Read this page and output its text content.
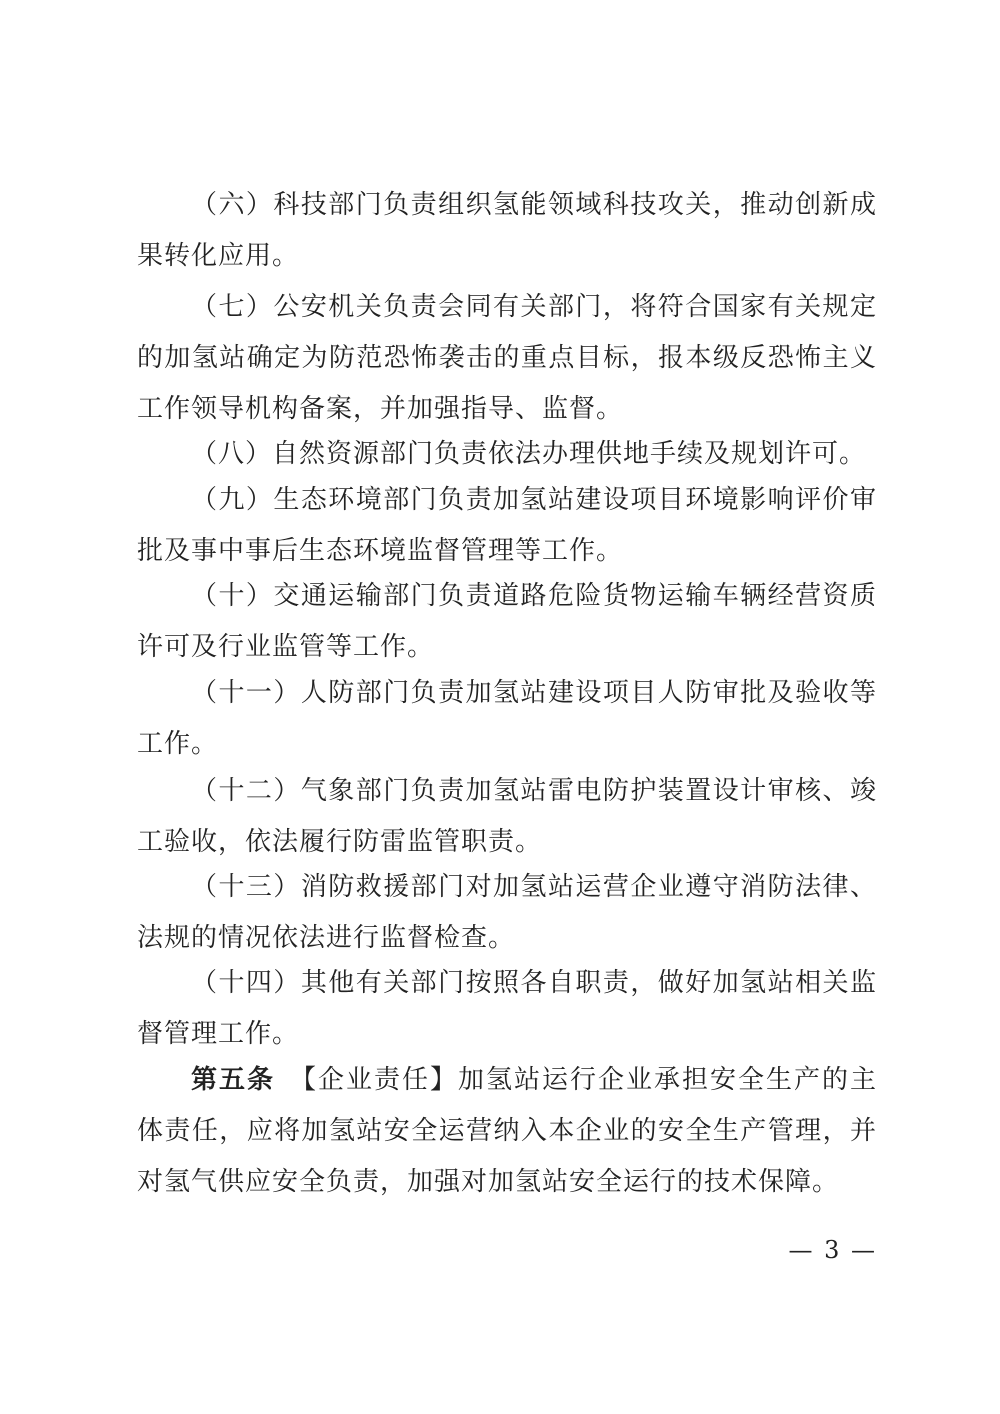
（六）科技部门负责组织氢能领域科技攻关，推动创新成果转化应用。

（七）公安机关负责会同有关部门，将符合国家有关规定的加氢站确定为防范恐怖袭击的重点目标，报本级反恐怖主义工作领导机构备案，并加强指导、监督。

（八）自然资源部门负责依法办理供地手续及规划许可。

（九）生态环境部门负责加氢站建设项目环境影响评价审批及事中事后生态环境监督管理等工作。

（十）交通运输部门负责道路危险货物运输车辆经营资质许可及行业监管等工作。

（十一）人防部门负责加氢站建设项目人防审批及验收等工作。

（十二）气象部门负责加氢站雷电防护装置设计审核、竣工验收，依法履行防雷监管职责。

（十三）消防救援部门对加氢站运营企业遵守消防法律、法规的情况依法进行监督检查。

（十四）其他有关部门按照各自职责，做好加氢站相关监督管理工作。

第五条　 【企业责任】加氢站运行企业承担安全生产的主体责任，应将加氢站安全运营纳入本企业的安全生产管理，并对氢气供应安全负责，加强对加氢站安全运行的技术保障。

— 3 —
